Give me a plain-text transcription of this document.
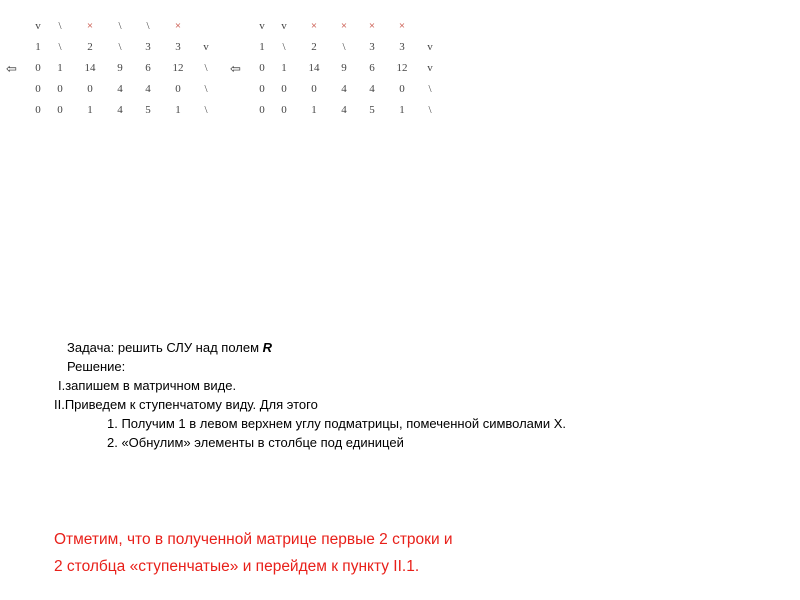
v	\	×	\	\	×
1	\	2	\	3	3	v
⇦	0	1	14	9	6	12	\
0	0	0	4	4	0	\
0	0	1	4	5	1	\
v	v	×	×	×	×
1	\	2	\	3	3	v
⇦	0	1	14	9	6	12	v
0	0	0	4	4	0	\
0	0	1	4	5	1	\
Задача: решить СЛУ над полем R
Решение:
I.запишем в матричном виде.
II.Приведем к ступенчатому виду. Для этого
1. Получим 1 в левом верхнем углу подматрицы, помеченной символами X.
2. «Обнулим» элементы в столбце под единицей
Отметим, что в полученной матрице первые 2 строки и
2 столбца «ступенчатые» и перейдем к пункту II.1.
